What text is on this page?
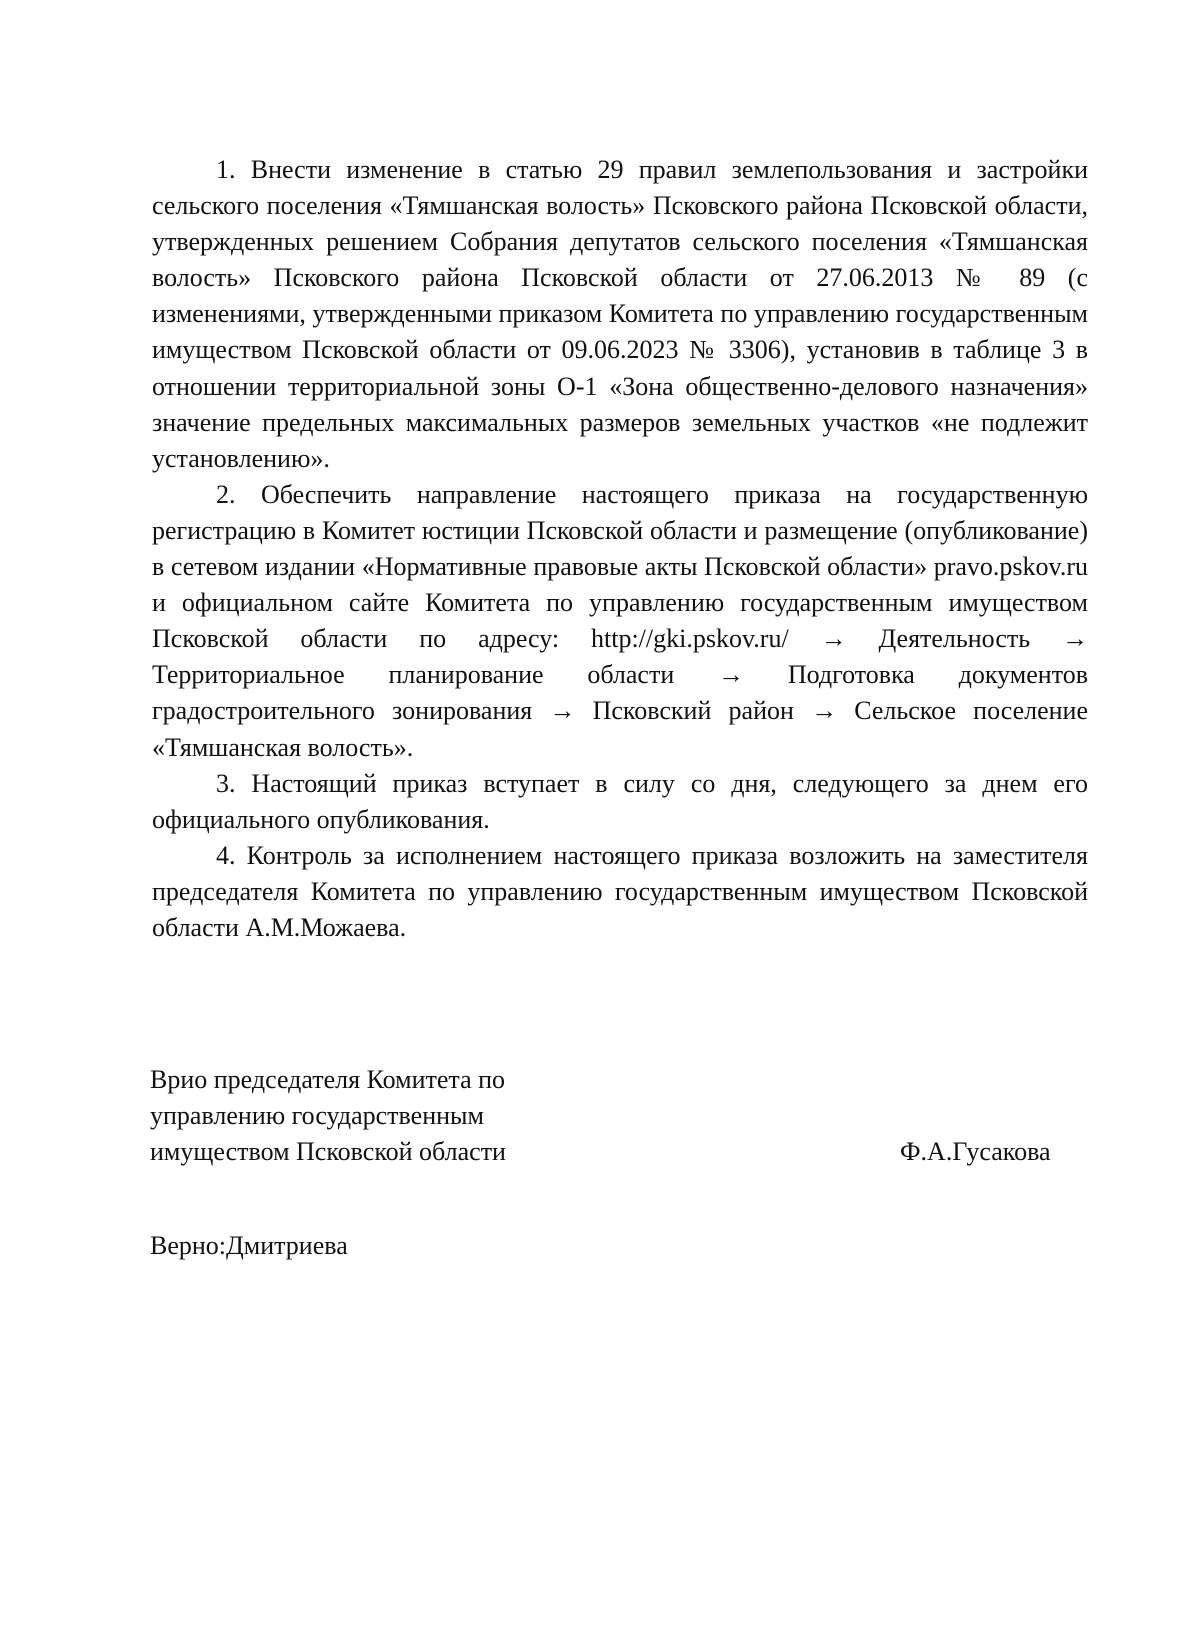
1. Внести изменение в статью 29 правил землепользования и застройки сельского поселения «Тямшанская волость» Псковского района Псковской области, утвержденных решением Собрания депутатов сельского поселения «Тямшанская волость» Псковского района Псковской области от 27.06.2013 № 89 (с изменениями, утвержденными приказом Комитета по управлению государственным имуществом Псковской области от 09.06.2023 № 3306), установив в таблице 3 в отношении территориальной зоны О-1 «Зона общественно-делового назначения» значение предельных максимальных размеров земельных участков «не подлежит установлению».

2. Обеспечить направление настоящего приказа на государственную регистрацию в Комитет юстиции Псковской области и размещение (опубликование) в сетевом издании «Нормативные правовые акты Псковской области» pravo.pskov.ru и официальном сайте Комитета по управлению государственным имуществом Псковской области по адресу: http://gki.pskov.ru/ → Деятельность → Территориальное планирование области → Подготовка документов градостроительного зонирования → Псковский район → Сельское поселение «Тямшанская волость».

3. Настоящий приказ вступает в силу со дня, следующего за днем его официального опубликования.

4. Контроль за исполнением настоящего приказа возложить на заместителя председателя Комитета по управлению государственным имуществом Псковской области А.М.Можаева.

Врио председателя Комитета по
управлению государственным
имуществом Псковской области	Ф.А.Гусакова
Верно:Дмитриева
